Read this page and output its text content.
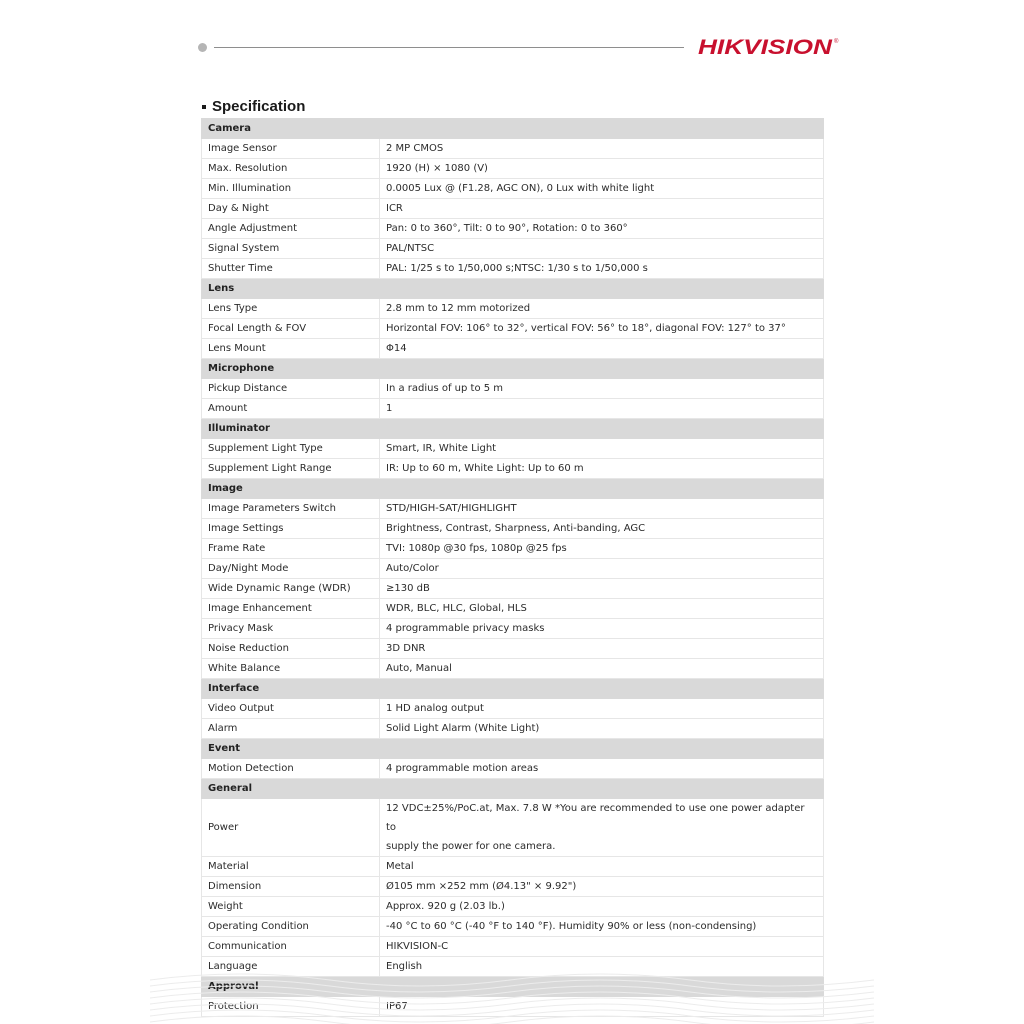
HIKVISION ®
Specification
Camera	
Image Sensor	2 MP CMOS
Max. Resolution	1920 (H) × 1080 (V)
Min. Illumination	0.0005 Lux @ (F1.28, AGC ON), 0 Lux with white light
Day & Night	ICR
Angle Adjustment	Pan: 0 to 360°, Tilt: 0 to 90°, Rotation: 0 to 360°
Signal System	PAL/NTSC
Shutter Time	PAL: 1/25 s to 1/50,000 s;NTSC: 1/30 s to 1/50,000 s
Lens	
Lens Type	2.8 mm to 12 mm motorized
Focal Length & FOV	Horizontal FOV: 106° to 32°, vertical FOV: 56° to 18°, diagonal FOV: 127° to 37°
Lens Mount	Φ14
Microphone	
Pickup Distance	In a radius of up to 5 m
Amount	1
Illuminator	
Supplement Light Type	Smart, IR, White Light
Supplement Light Range	IR: Up to 60 m, White Light: Up to 60 m
Image	
Image Parameters Switch	STD/HIGH-SAT/HIGHLIGHT
Image Settings	Brightness, Contrast, Sharpness, Anti-banding, AGC
Frame Rate	TVI: 1080p @30 fps, 1080p @25 fps
Day/Night Mode	Auto/Color
Wide Dynamic Range (WDR)	≥130 dB
Image Enhancement	WDR, BLC, HLC, Global, HLS
Privacy Mask	4 programmable privacy masks
Noise Reduction	3D DNR
White Balance	Auto, Manual
Interface	
Video Output	1 HD analog output
Alarm	Solid Light Alarm (White Light)
Event	
Motion Detection	4 programmable motion areas
General	
Power	12 VDC±25%/PoC.at, Max. 7.8 W *You are recommended to use one power adapter to
supply the power for one camera.

Material	Metal
Dimension	Ø105 mm ×252 mm (Ø4.13" × 9.92")
Weight	Approx. 920 g (2.03 lb.)
Operating Condition	-40 °C to 60 °C (-40 °F to 140 °F). Humidity 90% or less (non-condensing)
Communication	HIKVISION-C
Language	English
Approval	
Protection	IP67
